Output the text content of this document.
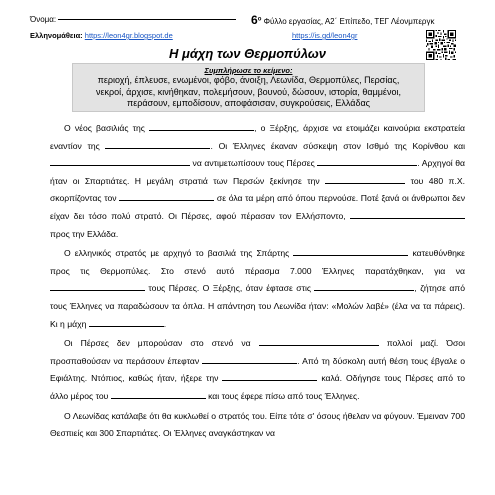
Όνομα:	$6^o$ Φύλλο εργασίας, Α2΄ Επίπεδο, ΤΕΓ Λέονμπεργκ
Ελληνομάθεια: https://leon4gr.blogspot.de	https://is.gd/leon4gr
Η μάχη των Θερμοπύλων
Συμπλήρωσε το κείμενο:
περιοχή, έπλευσε, ενωμένοι, φόβο, άνοιξη, Λεωνίδα, Θερμοπύλες, Περσίας,
νεκροί, άρχισε, κινήθηκαν, πολεμήσουν, βουνού, δώσουν, ιστορία, θαμμένοι,
περάσουν, εμποδίσουν, αποφάσισαν, συγκρούσεις, Ελλάδας

Ο νέος βασιλιάς της	, ο Ξέρξης, άρχισε να ετοιμάζει καινούρια εκστρατεία εναντίον της	. Οι Έλληνες έκαναν σύσκεψη στον Ισθμό της Κορίνθου και  να αντιμετωπίσουν τους Πέρσες	. Αρχηγοί θα ήταν οι Σπαρτιάτες. Η μεγάλη στρατιά των Περσών ξεκίνησε την	του 480 π.Χ. σκορπίζοντας τον	σε όλα τα μέρη από όπου περνούσε. Ποτέ ξανά οι άνθρωποι δεν είχαν δει τόσο πολύ στρατό. Οι Πέρσες, αφού πέρασαν τον Ελλήσποντο,  προς την Ελλάδα.

Ο ελληνικός στρατός με αρχηγό το βασιλιά της Σπάρτης	κατευθύνθηκε προς τις Θερμοπύλες. Στο στενό αυτό πέρασμα 7.000 Έλληνες παρατάχθηκαν, για να  τους Πέρσες. Ο Ξέρξης, όταν έφτασε στις	, ζήτησε από τους Έλληνες να παραδώσουν τα όπλα. Η απάντηση του Λεωνίδα ήταν: «Μολών λαβέ» (έλα να τα πάρεις). Κι η μάχη	.

Οι Πέρσες δεν μπορούσαν στο στενό να	πολλοί μαζί. Όσοι προσπαθούσαν να περάσουν έπεφταν	. Από τη δύσκολη αυτή θέση τους έβγαλε ο Εφιάλτης. Ντόπιος, καθώς ήταν, ήξερε την	καλά. Οδήγησε τους Πέρσες από το άλλο μέρος του	και τους έφερε πίσω από τους Έλληνες.

Ο Λεωνίδας κατάλαβε ότι θα κυκλωθεί ο στρατός του. Είπε τότε σ' όσους ήθελαν να φύγουν. Έμειναν 700 Θεσπιείς και 300 Σπαρτιάτες. Οι Έλληνες αναγκάστηκαν να
